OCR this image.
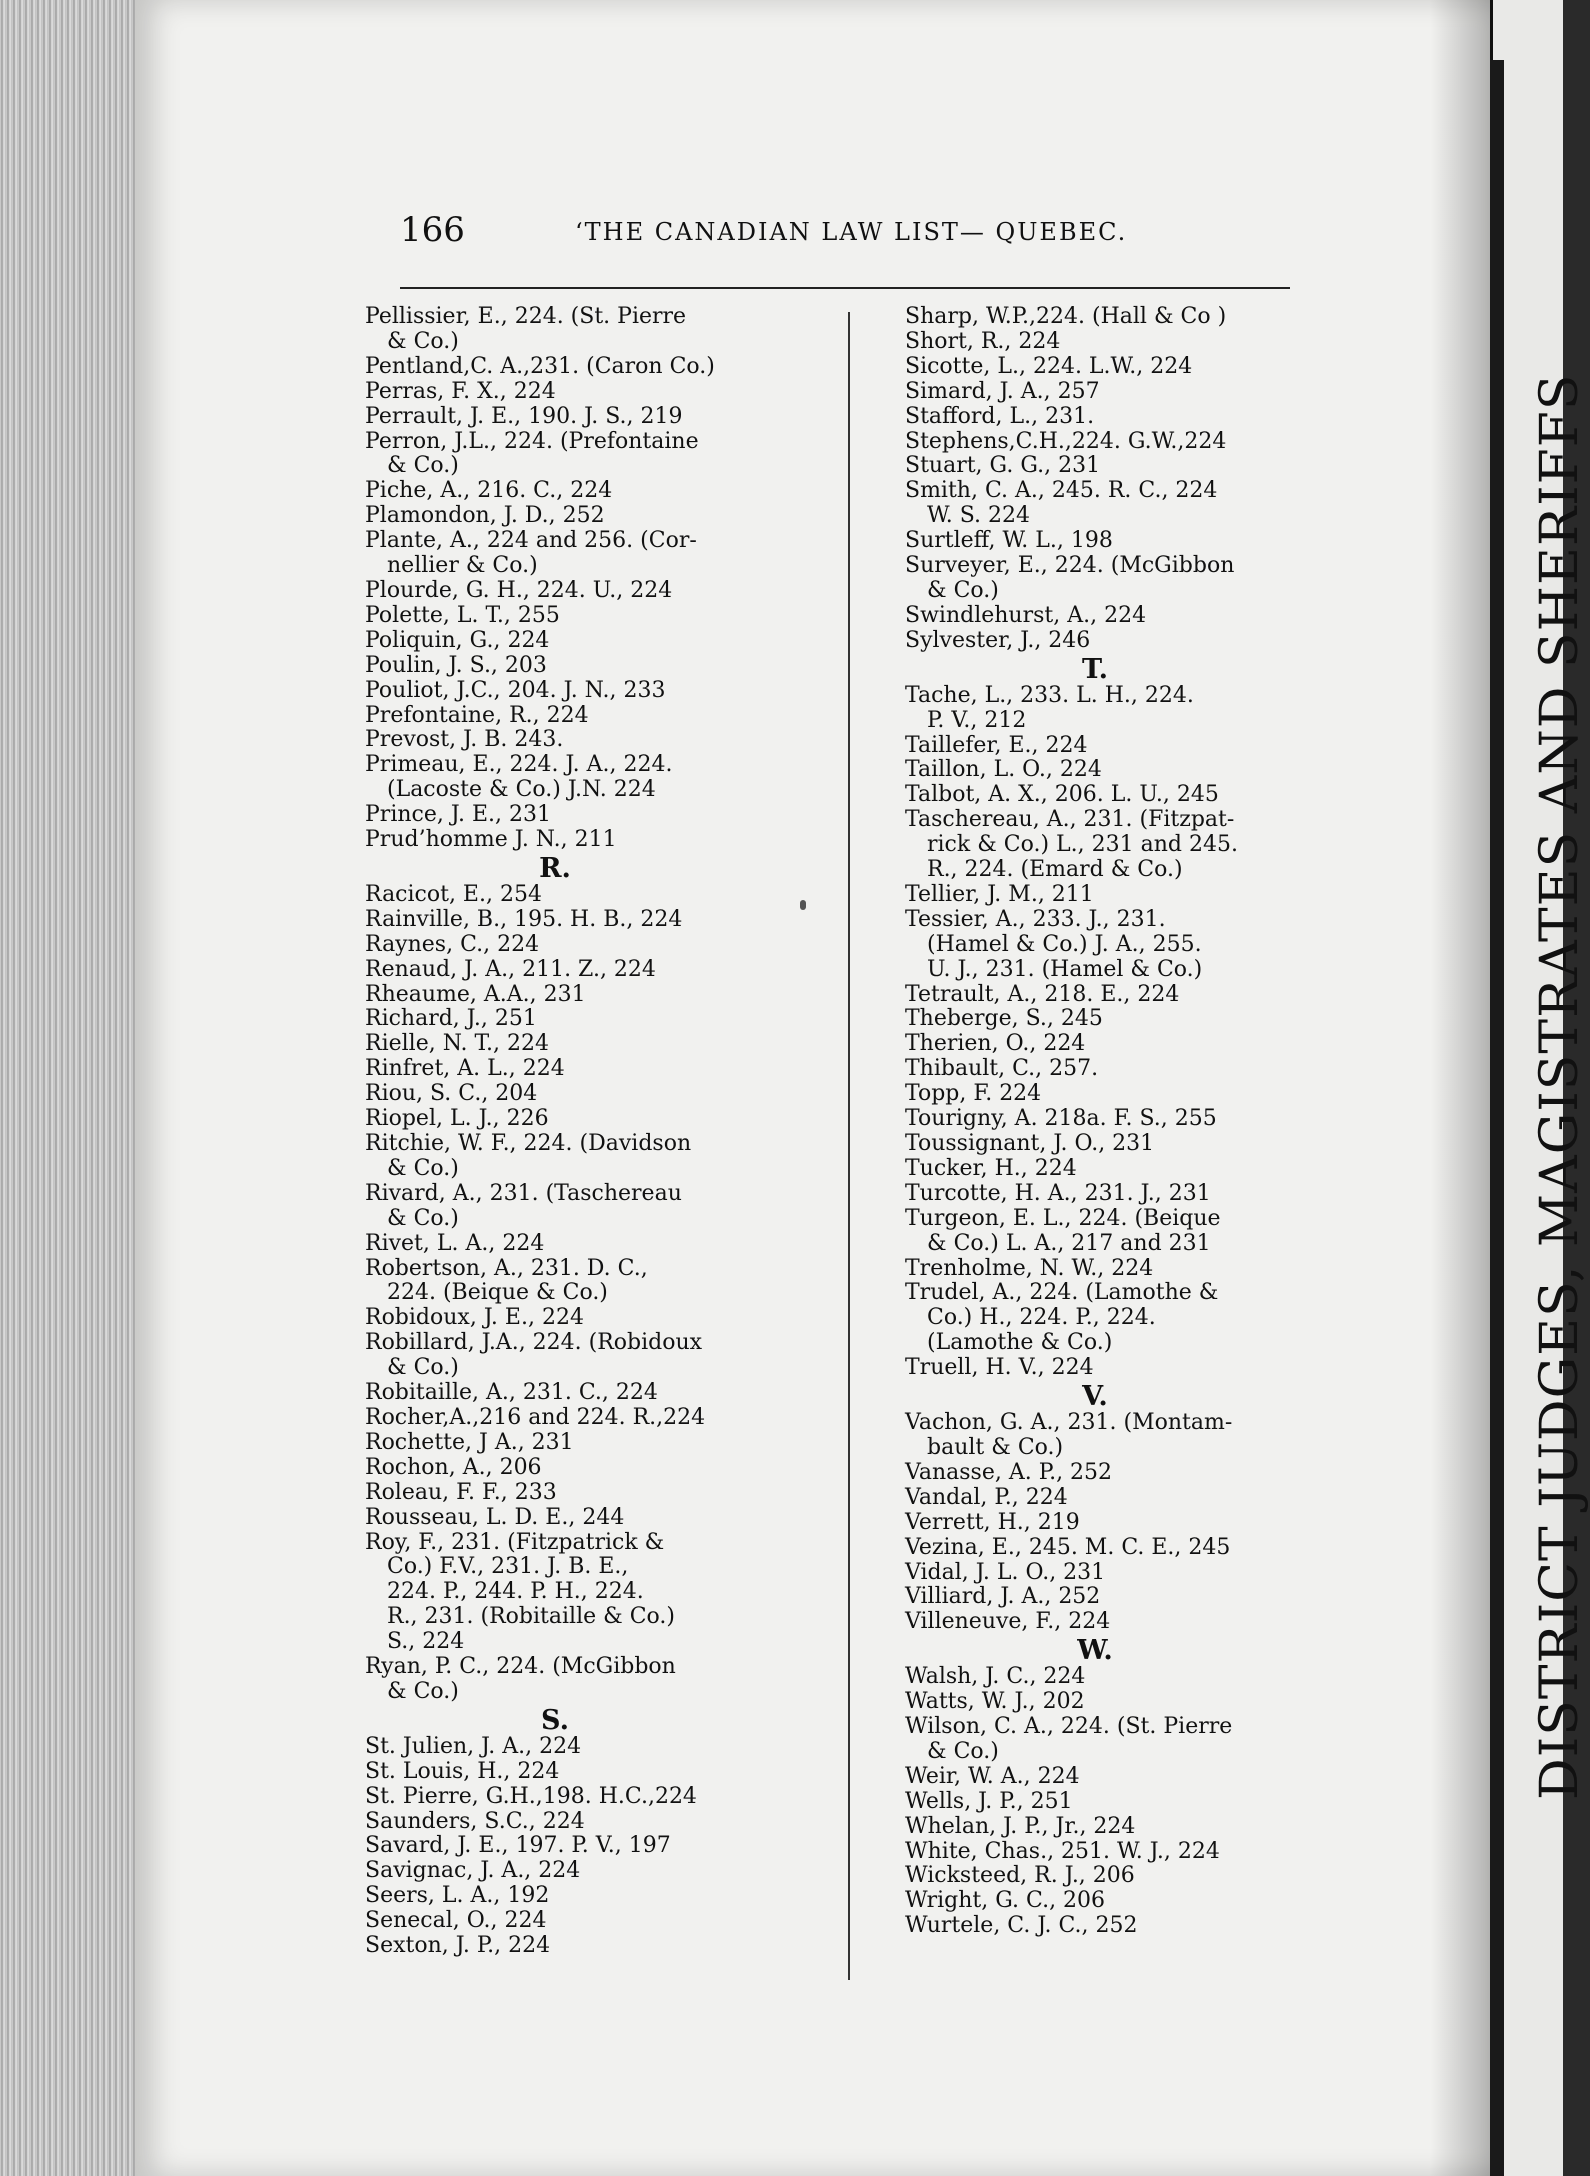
DISTRICT JUDGES, MAGISTRATES AND SHERIFFS
166	‘THE CANADIAN LAW LIST— QUEBEC.
Pellissier, E., 224. (St. Pierre
& Co.)
Pentland,C. A.,231. (Caron Co.)
Perras, F. X., 224
Perrault, J. E., 190. J. S., 219
Perron, J.L., 224. (Prefontaine
& Co.)
Piche, A., 216. C., 224
Plamondon, J. D., 252
Plante, A., 224 and 256. (Cor-
nellier & Co.)
Plourde, G. H., 224. U., 224
Polette, L. T., 255
Poliquin, G., 224
Poulin, J. S., 203
Pouliot, J.C., 204. J. N., 233
Prefontaine, R., 224
Prevost, J. B. 243.
Primeau, E., 224. J. A., 224.
(Lacoste & Co.) J.N. 224
Prince, J. E., 231
Prud’homme J. N., 211
R.
Racicot, E., 254
Rainville, B., 195. H. B., 224
Raynes, C., 224
Renaud, J. A., 211. Z., 224
Rheaume, A.A., 231
Richard, J., 251
Rielle, N. T., 224
Rinfret, A. L., 224
Riou, S. C., 204
Riopel, L. J., 226
Ritchie, W. F., 224. (Davidson
& Co.)
Rivard, A., 231. (Taschereau
& Co.)
Rivet, L. A., 224
Robertson, A., 231. D. C.,
224. (Beique & Co.)
Robidoux, J. E., 224
Robillard, J.A., 224. (Robidoux
& Co.)
Robitaille, A., 231. C., 224
Rocher,A.,216 and 224. R.,224
Rochette, J A., 231
Rochon, A., 206
Roleau, F. F., 233
Rousseau, L. D. E., 244
Roy, F., 231. (Fitzpatrick &
Co.) F.V., 231. J. B. E.,
224. P., 244. P. H., 224.
R., 231. (Robitaille & Co.)
S., 224
Ryan, P. C., 224. (McGibbon
& Co.)
S.
St. Julien, J. A., 224
St. Louis, H., 224
St. Pierre, G.H.,198. H.C.,224
Saunders, S.C., 224
Savard, J. E., 197. P. V., 197
Savignac, J. A., 224
Seers, L. A., 192
Senecal, O., 224
Sexton, J. P., 224
Sharp, W.P.,224. (Hall & Co )
Short, R., 224
Sicotte, L., 224. L.W., 224
Simard, J. A., 257
Stafford, L., 231.
Stephens,C.H.,224. G.W.,224
Stuart, G. G., 231
Smith, C. A., 245. R. C., 224
W. S. 224
Surtleff, W. L., 198
Surveyer, E., 224. (McGibbon
& Co.)
Swindlehurst, A., 224
Sylvester, J., 246
T.
Tache, L., 233. L. H., 224.
P. V., 212
Taillefer, E., 224
Taillon, L. O., 224
Talbot, A. X., 206. L. U., 245
Taschereau, A., 231. (Fitzpat-
rick & Co.) L., 231 and 245.
R., 224. (Emard & Co.)
Tellier, J. M., 211
Tessier, A., 233. J., 231.
(Hamel & Co.) J. A., 255.
U. J., 231. (Hamel & Co.)
Tetrault, A., 218. E., 224
Theberge, S., 245
Therien, O., 224
Thibault, C., 257.
Topp, F. 224
Tourigny, A. 218a. F. S., 255
Toussignant, J. O., 231
Tucker, H., 224
Turcotte, H. A., 231. J., 231
Turgeon, E. L., 224. (Beique
& Co.) L. A., 217 and 231
Trenholme, N. W., 224
Trudel, A., 224. (Lamothe &
Co.) H., 224. P., 224.
(Lamothe & Co.)
Truell, H. V., 224
V.
Vachon, G. A., 231. (Montam-
bault & Co.)
Vanasse, A. P., 252
Vandal, P., 224
Verrett, H., 219
Vezina, E., 245. M. C. E., 245
Vidal, J. L. O., 231
Villiard, J. A., 252
Villeneuve, F., 224
W.
Walsh, J. C., 224
Watts, W. J., 202
Wilson, C. A., 224. (St. Pierre
& Co.)
Weir, W. A., 224
Wells, J. P., 251
Whelan, J. P., Jr., 224
White, Chas., 251. W. J., 224
Wicksteed, R. J., 206
Wright, G. C., 206
Wurtele, C. J. C., 252
